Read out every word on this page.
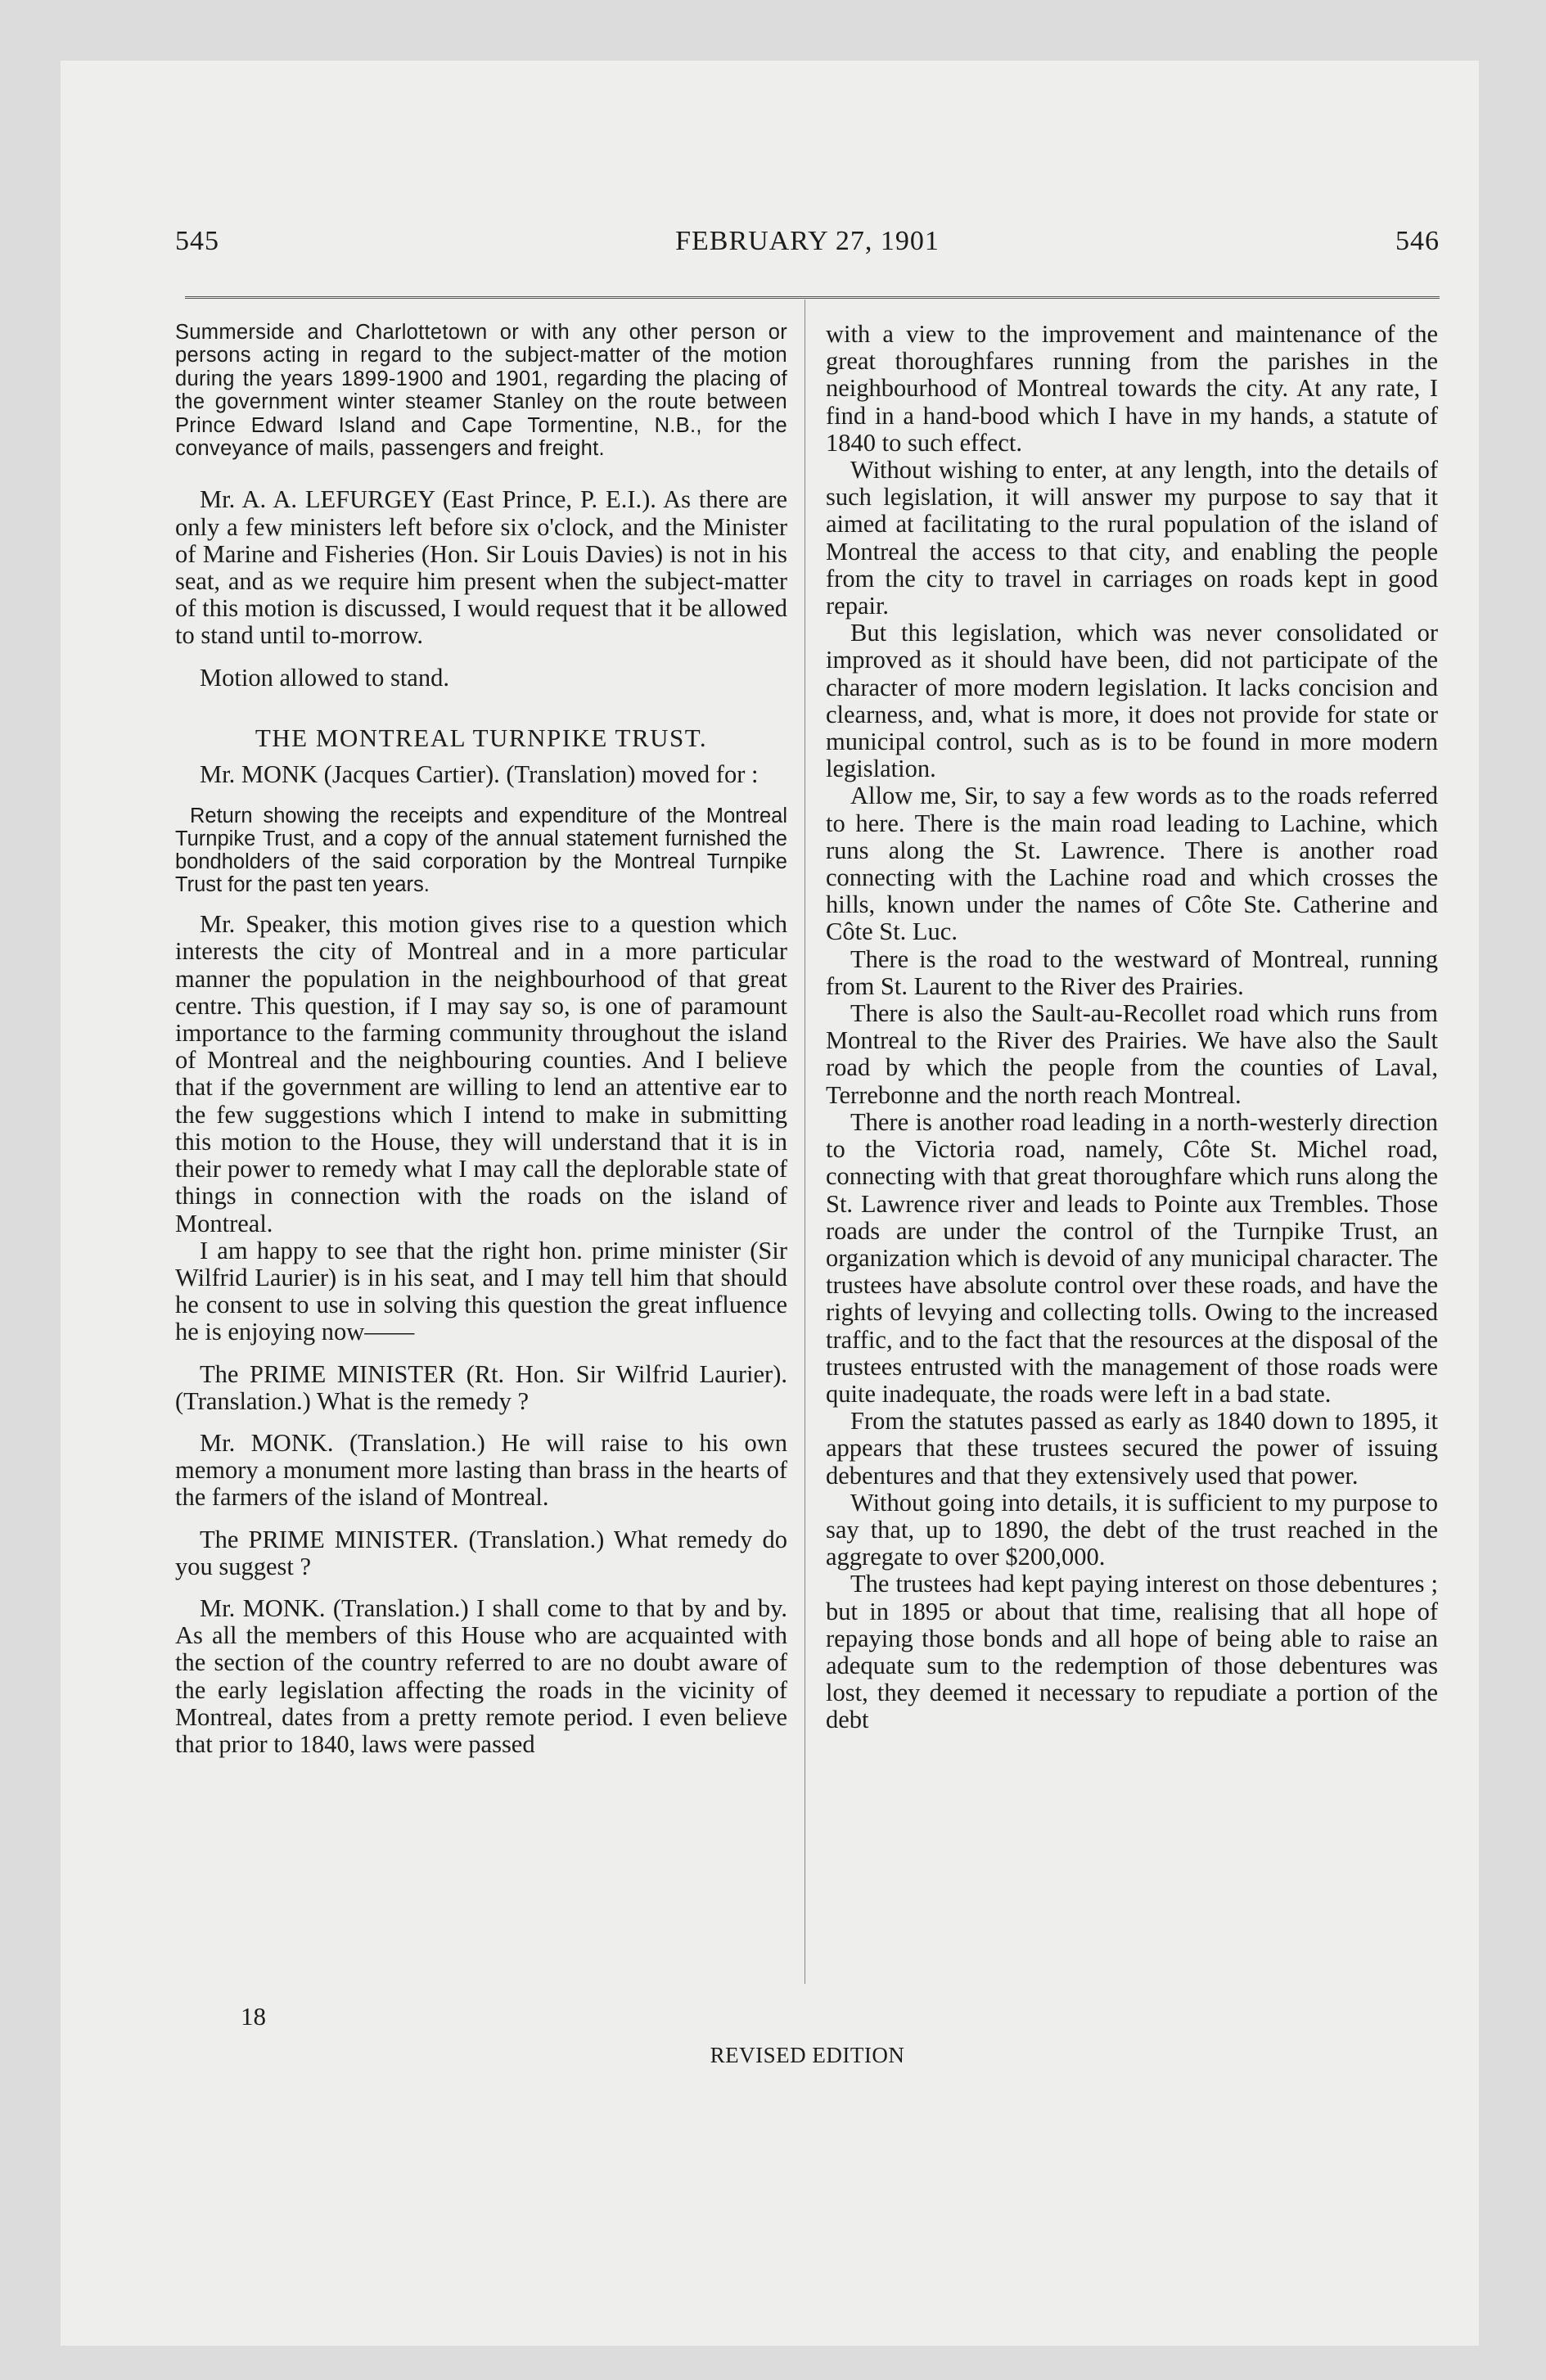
545	FEBRUARY 27, 1901	546

Summerside and Charlottetown or with any other person or persons acting in regard to the subject-matter of the motion during the years 1899-1900 and 1901, regarding the placing of the government winter steamer Stanley on the route between Prince Edward Island and Cape Tormentine, N.B., for the conveyance of mails, passengers and freight.

Mr. A. A. LEFURGEY (East Prince, P. E.I.). As there are only a few ministers left before six o'clock, and the Minister of Marine and Fisheries (Hon. Sir Louis Davies) is not in his seat, and as we require him present when the subject-matter of this motion is discussed, I would request that it be allowed to stand until to-morrow.

Motion allowed to stand.

THE MONTREAL TURNPIKE TRUST.

Mr. MONK (Jacques Cartier). (Translation) moved for :

Return showing the receipts and expenditure of the Montreal Turnpike Trust, and a copy of the annual statement furnished the bondholders of the said corporation by the Montreal Turnpike Trust for the past ten years.

Mr. Speaker, this motion gives rise to a question which interests the city of Montreal and in a more particular manner the population in the neighbourhood of that great centre. This question, if I may say so, is one of paramount importance to the farming community throughout the island of Montreal and the neighbouring counties. And I believe that if the government are willing to lend an attentive ear to the few suggestions which I intend to make in submitting this motion to the House, they will understand that it is in their power to remedy what I may call the deplorable state of things in connection with the roads on the island of Montreal.

I am happy to see that the right hon. prime minister (Sir Wilfrid Laurier) is in his seat, and I may tell him that should he consent to use in solving this question the great influence he is enjoying now——

The PRIME MINISTER (Rt. Hon. Sir Wilfrid Laurier). (Translation.) What is the remedy ?

Mr. MONK. (Translation.) He will raise to his own memory a monument more lasting than brass in the hearts of the farmers of the island of Montreal.

The PRIME MINISTER. (Translation.) What remedy do you suggest ?

Mr. MONK. (Translation.) I shall come to that by and by. As all the members of this House who are acquainted with the section of the country referred to are no doubt aware of the early legislation affecting the roads in the vicinity of Montreal, dates from a pretty remote period. I even believe that prior to 1840, laws were passed

with a view to the improvement and maintenance of the great thoroughfares running from the parishes in the neighbourhood of Montreal towards the city. At any rate, I find in a hand-bood which I have in my hands, a statute of 1840 to such effect.

Without wishing to enter, at any length, into the details of such legislation, it will answer my purpose to say that it aimed at facilitating to the rural population of the island of Montreal the access to that city, and enabling the people from the city to travel in carriages on roads kept in good repair.

But this legislation, which was never consolidated or improved as it should have been, did not participate of the character of more modern legislation. It lacks concision and clearness, and, what is more, it does not provide for state or municipal control, such as is to be found in more modern legislation.

Allow me, Sir, to say a few words as to the roads referred to here. There is the main road leading to Lachine, which runs along the St. Lawrence. There is another road connecting with the Lachine road and which crosses the hills, known under the names of Côte Ste. Catherine and Côte St. Luc.

There is the road to the westward of Montreal, running from St. Laurent to the River des Prairies.

There is also the Sault-au-Recollet road which runs from Montreal to the River des Prairies. We have also the Sault road by which the people from the counties of Laval, Terrebonne and the north reach Montreal.

There is another road leading in a north-westerly direction to the Victoria road, namely, Côte St. Michel road, connecting with that great thoroughfare which runs along the St. Lawrence river and leads to Pointe aux Trembles. Those roads are under the control of the Turnpike Trust, an organization which is devoid of any municipal character. The trustees have absolute control over these roads, and have the rights of levying and collecting tolls. Owing to the increased traffic, and to the fact that the resources at the disposal of the trustees entrusted with the management of those roads were quite inadequate, the roads were left in a bad state.

From the statutes passed as early as 1840 down to 1895, it appears that these trustees secured the power of issuing debentures and that they extensively used that power.

Without going into details, it is sufficient to my purpose to say that, up to 1890, the debt of the trust reached in the aggregate to over $200,000.

The trustees had kept paying interest on those debentures ; but in 1895 or about that time, realising that all hope of repaying those bonds and all hope of being able to raise an adequate sum to the redemption of those debentures was lost, they deemed it necessary to repudiate a portion of the debt

18
REVISED EDITION
